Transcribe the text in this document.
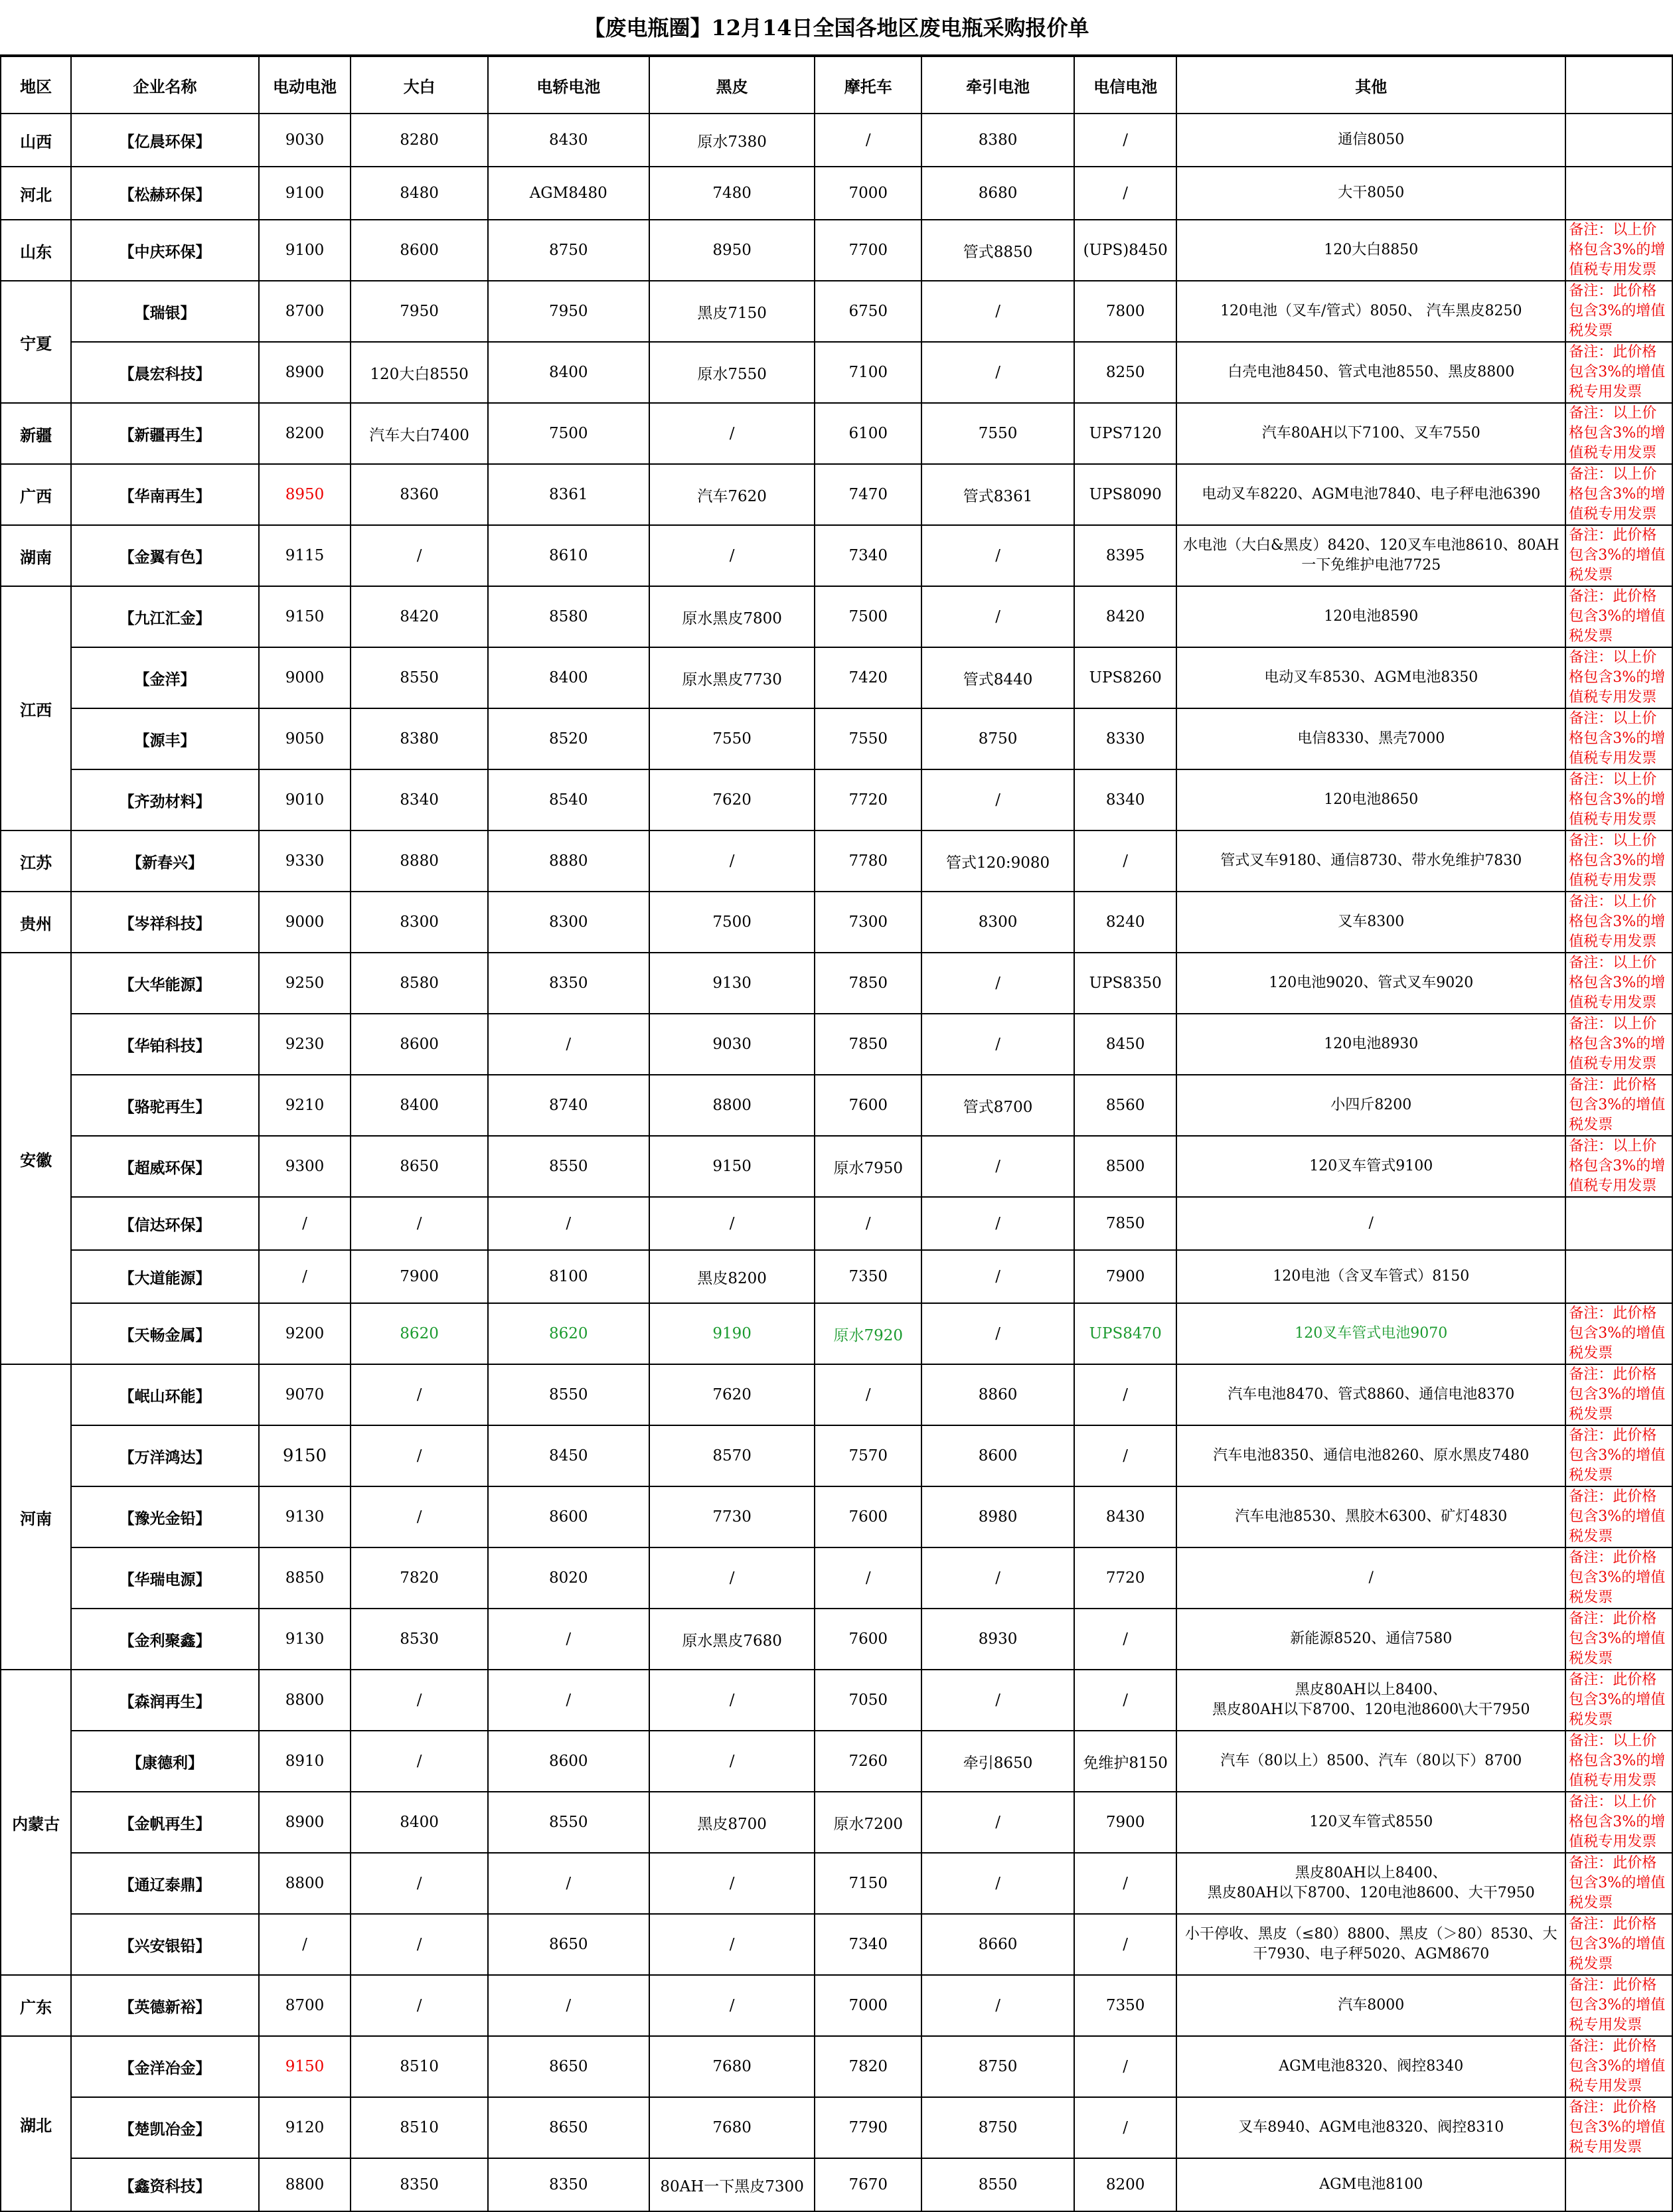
【废电瓶圈】12月14日全国各地区废电瓶采购报价单
地区	企业名称	电动电池	大白	电轿电池	黑皮	摩托车	牵引电池	电信电池	其他	
山西	【亿晨环保】	9030	8280	8430	原水7380	/	8380	/	通信8050	
河北	【松赫环保】	9100	8480	AGM8480	7480	7000	8680	/	大干8050	
山东	【中庆环保】	9100	8600	8750	8950	7700	管式8850	(UPS)8450	120大白8850	备注：以上价格包含3%的增值税专用发票
宁夏	【瑞银】	8700	7950	7950	黑皮7150	6750	/	7800	120电池（叉车/管式）8050、 汽车黑皮8250	备注：此价格包含3%的增值税发票
	【晨宏科技】	8900	120大白8550	8400	原水7550	7100	/	8250	白壳电池8450、管式电池8550、黑皮8800	备注：此价格包含3%的增值税专用发票
新疆	【新疆再生】	8200	汽车大白7400	7500	/	6100	7550	UPS7120	汽车80AH以下7100、叉车7550	备注：以上价格包含3%的增值税专用发票
广西	【华南再生】	8950	8360	8361	汽车7620	7470	管式8361	UPS8090	电动叉车8220、AGM电池7840、电子秤电池6390	备注：以上价格包含3%的增值税专用发票
湖南	【金翼有色】	9115	/	8610	/	7340	/	8395	水电池（大白&黑皮）8420、120叉车电池8610、80AH一下免维护电池7725	备注：此价格包含3%的增值税发票
江西	【九江汇金】	9150	8420	8580	原水黑皮7800	7500	/	8420	120电池8590	备注：此价格包含3%的增值税发票
	【金洋】	9000	8550	8400	原水黑皮7730	7420	管式8440	UPS8260	电动叉车8530、AGM电池8350	备注：以上价格包含3%的增值税专用发票
	【源丰】	9050	8380	8520	7550	7550	8750	8330	电信8330、黑壳7000	备注：以上价格包含3%的增值税专用发票
	【齐劲材料】	9010	8340	8540	7620	7720	/	8340	120电池8650	备注：以上价格包含3%的增值税专用发票
江苏	【新春兴】	9330	8880	8880	/	7780	管式120:9080	/	管式叉车9180、通信8730、带水免维护7830	备注：以上价格包含3%的增值税专用发票
贵州	【岑祥科技】	9000	8300	8300	7500	7300	8300	8240	叉车8300	备注：以上价格包含3%的增值税专用发票
安徽	【大华能源】	9250	8580	8350	9130	7850	/	UPS8350	120电池9020、管式叉车9020	备注：以上价格包含3%的增值税专用发票
	【华铂科技】	9230	8600	/	9030	7850	/	8450	120电池8930	备注：以上价格包含3%的增值税专用发票
	【骆驼再生】	9210	8400	8740	8800	7600	管式8700	8560	小四斤8200	备注：此价格包含3%的增值税发票
	【超威环保】	9300	8650	8550	9150	原水7950	/	8500	120叉车管式9100	备注：以上价格包含3%的增值税专用发票
	【信达环保】	/	/	/	/	/	/	7850	/	
	【大道能源】	/	7900	8100	黑皮8200	7350	/	7900	120电池（含叉车管式）8150	
	【天畅金属】	9200	8620	8620	9190	原水7920	/	UPS8470	120叉车管式电池9070	备注：此价格包含3%的增值税发票
河南	【岷山环能】	9070	/	8550	7620	/	8860	/	汽车电池8470、管式8860、通信电池8370	备注：此价格包含3%的增值税发票
	【万洋鸿达】	9150	/	8450	8570	7570	8600	/	汽车电池8350、通信电池8260、原水黑皮7480	备注：此价格包含3%的增值税发票
	【豫光金铅】	9130	/	8600	7730	7600	8980	8430	汽车电池8530、黑胶木6300、矿灯4830	备注：此价格包含3%的增值税发票
	【华瑞电源】	8850	7820	8020	/	/	/	7720	/	备注：此价格包含3%的增值税发票
	【金利聚鑫】	9130	8530	/	原水黑皮7680	7600	8930	/	新能源8520、通信7580	备注：此价格包含3%的增值税发票
内蒙古	【森润再生】	8800	/	/	/	7050	/	/	黑皮80AH以上8400、
黑皮80AH以下8700、120电池8600\大干7950	备注：此价格包含3%的增值税发票
	【康德利】	8910	/	8600	/	7260	牵引8650	免维护8150	汽车（80以上）8500、汽车（80以下）8700	备注：以上价格包含3%的增值税专用发票
	【金帆再生】	8900	8400	8550	黑皮8700	原水7200	/	7900	120叉车管式8550	备注：以上价格包含3%的增值税专用发票
	【通辽泰鼎】	8800	/	/	/	7150	/	/	黑皮80AH以上8400、
黑皮80AH以下8700、120电池8600、大干7950	备注：此价格包含3%的增值税发票
	【兴安银铅】	/	/	8650	/	7340	8660	/	小干停收、黑皮（≤80）8800、黑皮（＞80）8530、大干7930、电子秤5020、AGM8670	备注：此价格包含3%的增值税发票
广东	【英德新裕】	8700	/	/	/	7000	/	7350	汽车8000	备注：此价格包含3%的增值税专用发票
湖北	【金洋冶金】	9150	8510	8650	7680	7820	8750	/	AGM电池8320、阀控8340	备注：此价格包含3%的增值税专用发票
	【楚凯冶金】	9120	8510	8650	7680	7790	8750	/	叉车8940、AGM电池8320、阀控8310	备注：此价格包含3%的增值税专用发票
	【鑫资科技】	8800	8350	8350	80AH一下黑皮7300	7670	8550	8200	AGM电池8100	
